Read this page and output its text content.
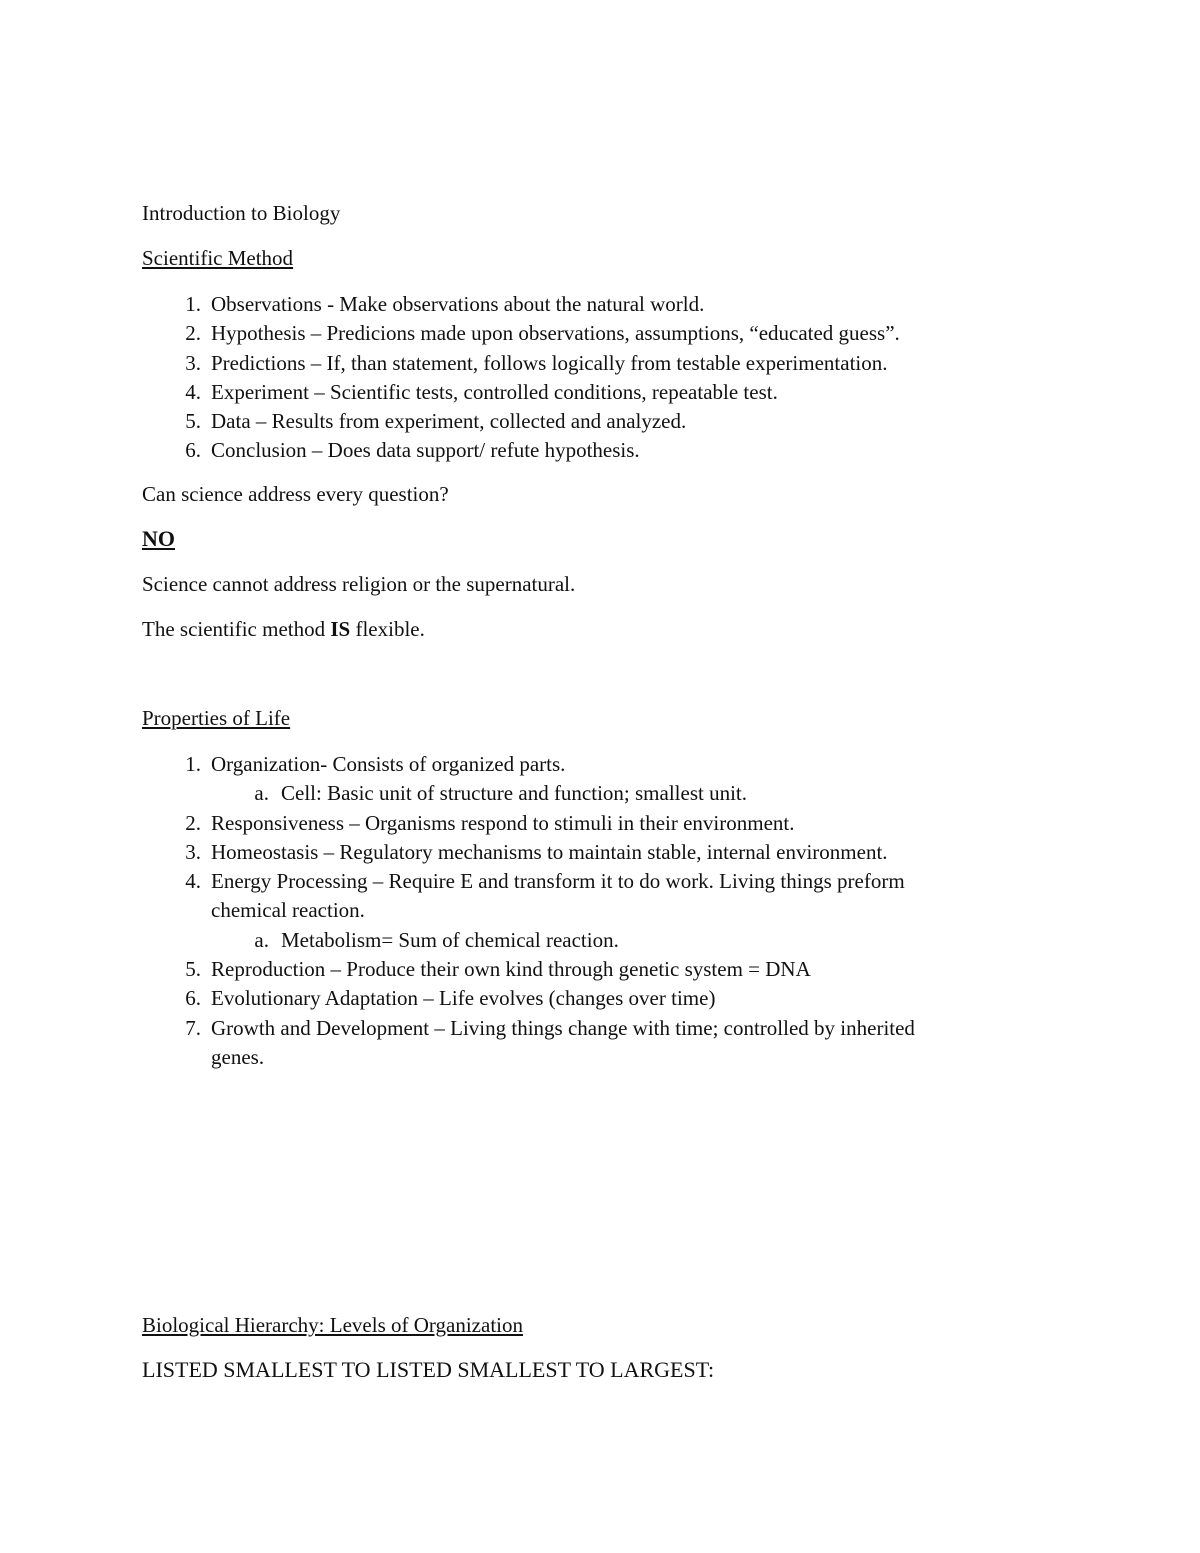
Introduction to Biology
Scientific Method
1. Observations - Make observations about the natural world.
2. Hypothesis – Predicions made upon observations, assumptions, “educated guess”.
3. Predictions – If, than statement, follows logically from testable experimentation.
4. Experiment – Scientific tests, controlled conditions, repeatable test.
5. Data – Results from experiment, collected and analyzed.
6. Conclusion – Does data support/ refute hypothesis.
Can science address every question?
NO
Science cannot address religion or the supernatural.
The scientific method IS flexible.
Properties of Life
1. Organization- Consists of organized parts.
a. Cell: Basic unit of structure and function; smallest unit.
2. Responsiveness – Organisms respond to stimuli in their environment.
3. Homeostasis – Regulatory mechanisms to maintain stable, internal environment.
4. Energy Processing – Require E and transform it to do work. Living things preform
chemical reaction.
a. Metabolism= Sum of chemical reaction.
5. Reproduction – Produce their own kind through genetic system = DNA
6. Evolutionary Adaptation – Life evolves (changes over time)
7. Growth and Development – Living things change with time; controlled by inherited
genes.
Biological Hierarchy: Levels of Organization
LISTED SMALLEST TO LISTED SMALLEST TO LARGEST:
